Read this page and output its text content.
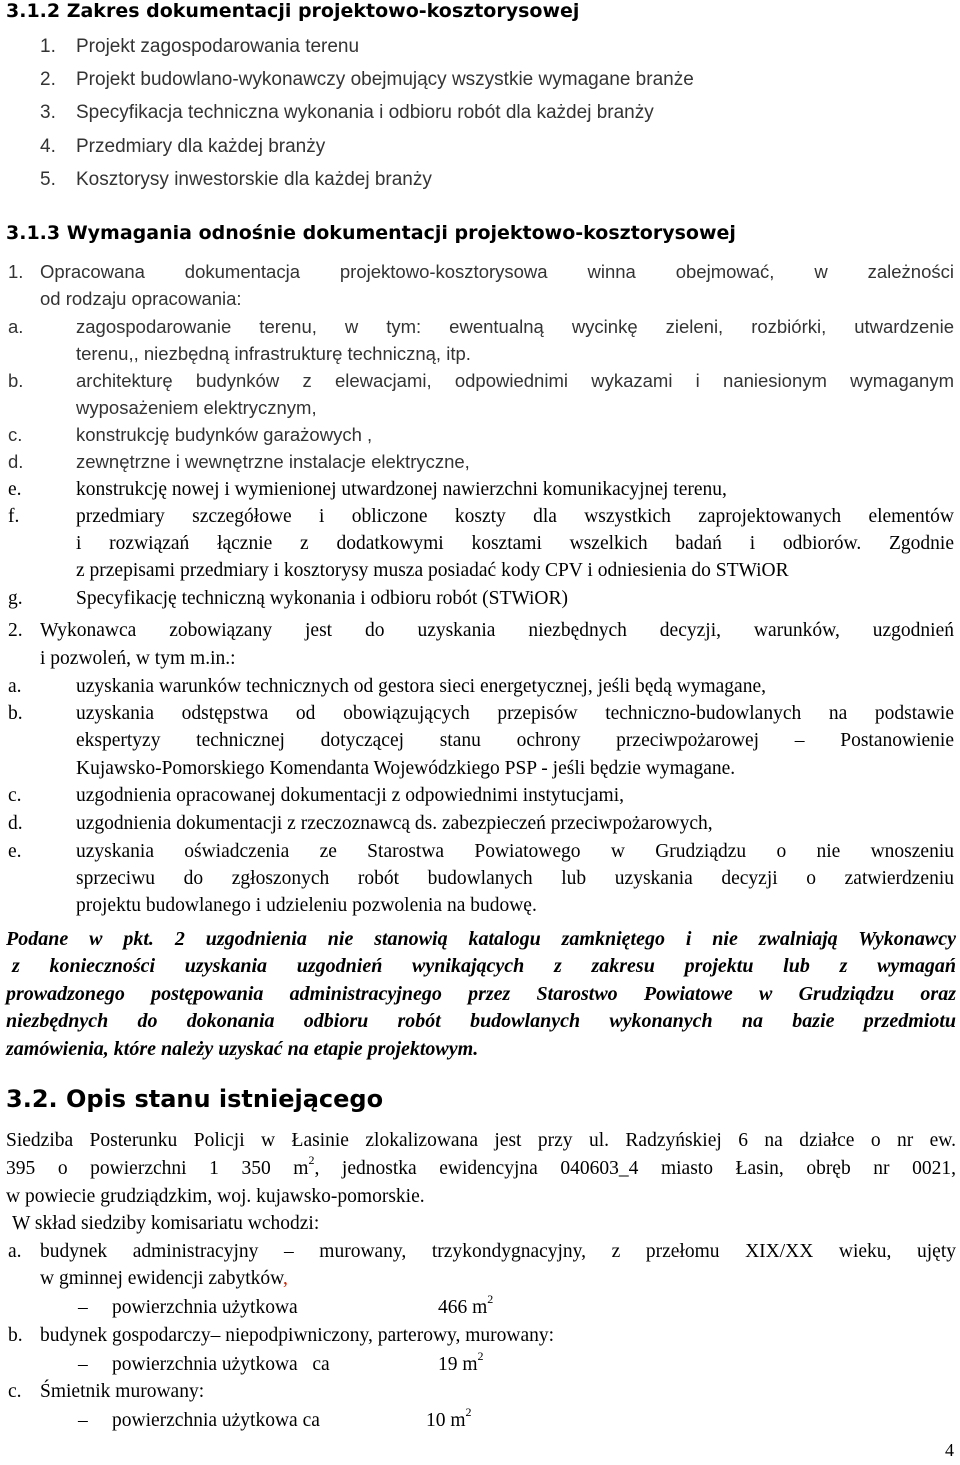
3.1.2 Zakres dokumentacji projektowo-kosztorysowej
1. Projekt zagospodarowania terenu
2. Projekt budowlano-wykonawczy obejmujący wszystkie wymagane branże
3. Specyfikacja techniczna wykonania i odbioru robót dla każdej branży
4. Przedmiary dla każdej branży
5. Kosztorysy inwestorskie dla każdej branży
3.1.3 Wymagania odnośnie dokumentacji projektowo-kosztorysowej
1. Opracowana dokumentacja projektowo-kosztorysowa winna obejmować, w zależności
od rodzaju opracowania:
a.	zagospodarowanie terenu, w tym: ewentualną wycinkę zieleni, rozbiórki, utwardzenie
terenu,, niezbędną infrastrukturę techniczną, itp.
b.	architekturę budynków z elewacjami, odpowiednimi wykazami i naniesionym wymaganym
wyposażeniem elektrycznym,
c.	konstrukcję budynków garażowych ,
d.	zewnętrzne i wewnętrzne instalacje elektryczne,
e.	konstrukcję nowej i wymienionej utwardzonej nawierzchni komunikacyjnej terenu,
f.	przedmiary szczegółowe i obliczone koszty dla wszystkich zaprojektowanych elementów
i rozwiązań łącznie z dodatkowymi kosztami wszelkich badań i odbiorów. Zgodnie
z przepisami przedmiary i kosztorysy musza posiadać kody CPV i odniesienia do STWiOR
g.	Specyfikację techniczną wykonania i odbioru robót (STWiOR)
2. Wykonawca zobowiązany jest do uzyskania niezbędnych decyzji, warunków, uzgodnień
i pozwoleń, w tym m.in.:
a.	uzyskania warunków technicznych od gestora sieci energetycznej, jeśli będą wymagane,
b.	uzyskania odstępstwa od obowiązujących przepisów techniczno-budowlanych na podstawie
ekspertyzy technicznej dotyczącej stanu ochrony przeciwpożarowej – Postanowienie
Kujawsko-Pomorskiego Komendanta Wojewódzkiego PSP - jeśli będzie wymagane.
c.	uzgodnienia opracowanej dokumentacji z odpowiednimi instytucjami,
d.	uzgodnienia dokumentacji z rzeczoznawcą ds. zabezpieczeń przeciwpożarowych,
e.	uzyskania oświadczenia ze Starostwa Powiatowego w Grudziądzu o nie wnoszeniu
sprzeciwu do zgłoszonych robót budowlanych lub uzyskania decyzji o zatwierdzeniu
projektu budowlanego i udzieleniu pozwolenia na budowę.
Podane w pkt. 2 uzgodnienia nie stanowią katalogu zamkniętego i nie zwalniają Wykonawcy
z konieczności uzyskania uzgodnień wynikających z zakresu projektu lub z wymagań
prowadzonego postępowania administracyjnego przez Starostwo Powiatowe w Grudziądzu oraz
niezbędnych do dokonania odbioru robót budowlanych wykonanych na bazie przedmiotu
zamówienia, które należy uzyskać na etapie projektowym.
3.2. Opis stanu istniejącego
Siedziba Posterunku Policji w Łasinie zlokalizowana jest przy ul. Radzyńskiej 6 na działce o nr ew.
395 o powierzchni 1 350 $m^2$, jednostka ewidencyjna 040603_4 miasto Łasin, obręb nr 0021,
w powiecie grudziądzkim, woj. kujawsko-pomorskie.
W skład siedziby komisariatu wchodzi:
a. budynek administracyjny – murowany, trzykondygnacyjny, z przełomu XIX/XX wieku, ujęty
w gminnej ewidencji zabytków,
– powierzchnia użytkowa	466 $m^2$
b. budynek gospodarczy– niepodpiwniczony, parterowy, murowany:
– powierzchnia użytkowa   ca	19 $m^2$
c. Śmietnik murowany:
– powierzchnia użytkowa ca	10 $m^2$
4
